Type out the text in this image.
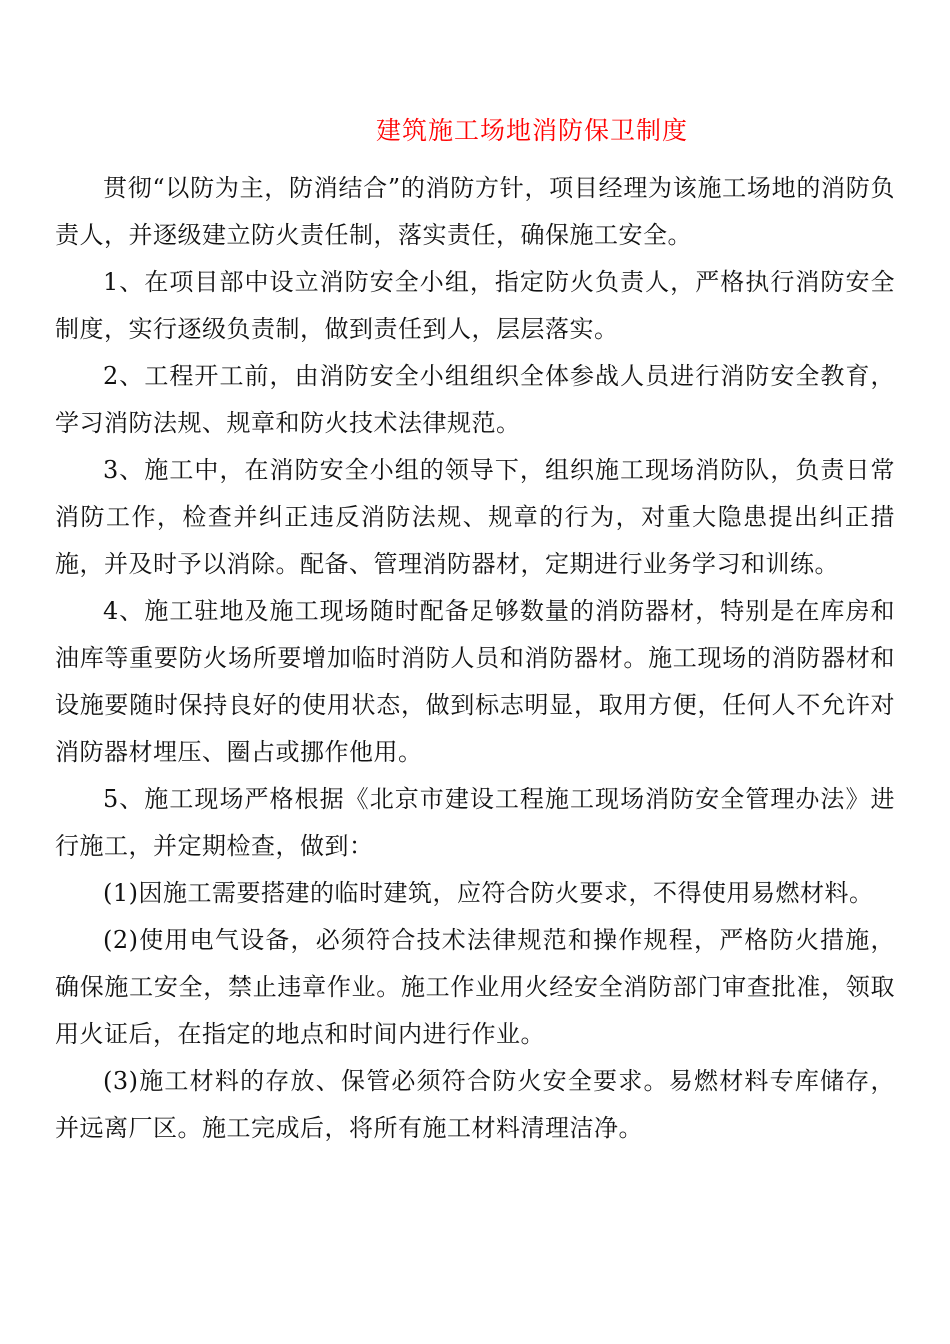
建筑施工场地消防保卫制度

贯彻“以防为主，防消结合”的消防方针，项目经理为该施工场地的消防负责人，并逐级建立防火责任制，落实责任，确保施工安全。

1、在项目部中设立消防安全小组，指定防火负责人，严格执行消防安全制度，实行逐级负责制，做到责任到人，层层落实。

2、工程开工前，由消防安全小组组织全体参战人员进行消防安全教育，学习消防法规、规章和防火技术法律规范。

3、施工中，在消防安全小组的领导下，组织施工现场消防队，负责日常消防工作，检查并纠正违反消防法规、规章的行为，对重大隐患提出纠正措施，并及时予以消除。配备、管理消防器材，定期进行业务学习和训练。

4、施工驻地及施工现场随时配备足够数量的消防器材，特别是在库房和油库等重要防火场所要增加临时消防人员和消防器材。施工现场的消防器材和设施要随时保持良好的使用状态，做到标志明显，取用方便，任何人不允许对消防器材埋压、圈占或挪作他用。

5、施工现场严格根据《北京市建设工程施工现场消防安全管理办法》进行施工，并定期检查，做到：

(1)因施工需要搭建的临时建筑，应符合防火要求，不得使用易燃材料。

(2)使用电气设备，必须符合技术法律规范和操作规程，严格防火措施，确保施工安全，禁止违章作业。施工作业用火经安全消防部门审查批准，领取用火证后，在指定的地点和时间内进行作业。

(3)施工材料的存放、保管必须符合防火安全要求。易燃材料专库储存，并远离厂区。施工完成后，将所有施工材料清理洁净。
